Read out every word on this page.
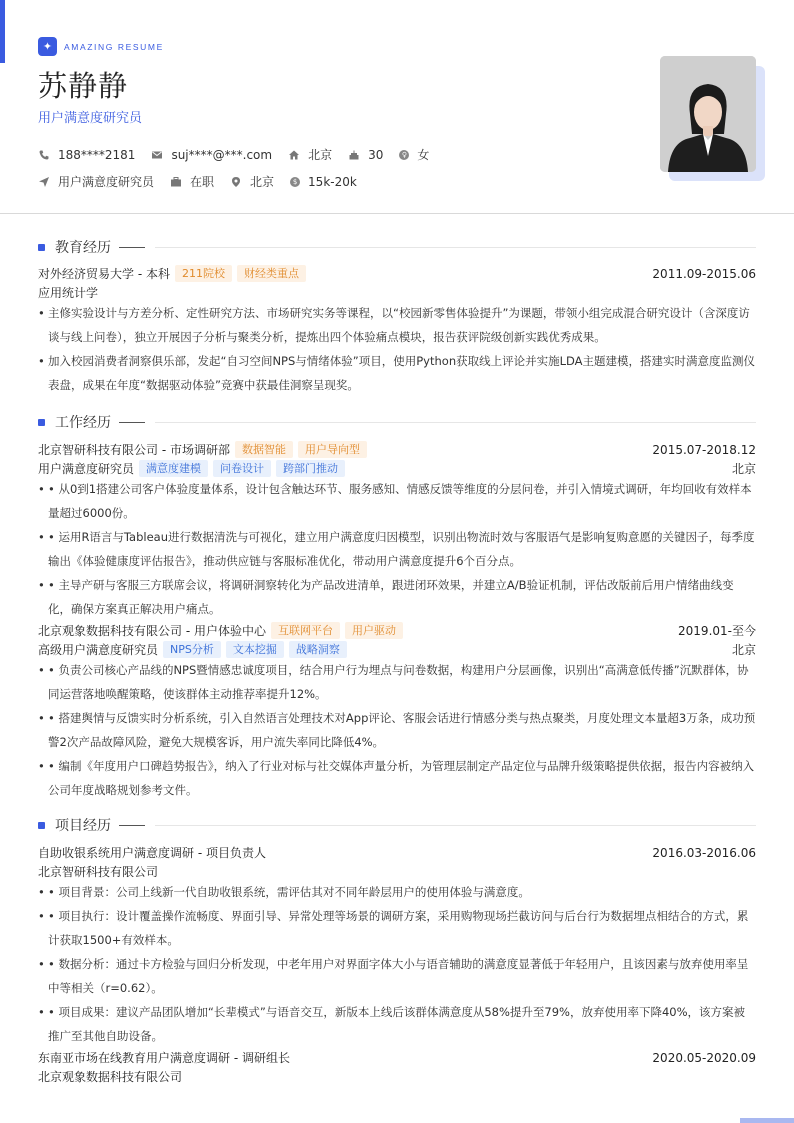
✦	AMAZING RESUME
苏静静
用户满意度研究员
188****2181	suj****@***.com	北京	30	♀ 女
用户满意度研究员	在职	北京	$ 15k-20k
教育经历
对外经济贸易大学 - 本科	211院校	财经类重点	2011.09-2015.06
应用统计学
• 主修实验设计与方差分析、定性研究方法、市场研究实务等课程，以“校园新零售体验提升”为课题，带领小组完成混合研究设计（含深度访谈与线上问卷），独立开展因子分析与聚类分析，提炼出四个体验痛点模块，报告获评院级创新实践优秀成果。
• 加入校园消费者洞察俱乐部，发起“自习空间NPS与情绪体验”项目，使用Python获取线上评论并实施LDA主题建模，搭建实时满意度监测仪表盘，成果在年度“数据驱动体验”竞赛中获最佳洞察呈现奖。
工作经历
北京智研科技有限公司 - 市场调研部	数据智能	用户导向型	2015.07-2018.12
用户满意度研究员	满意度建模	问卷设计	跨部门推动	北京
• • 从0到1搭建公司客户体验度量体系，设计包含触达环节、服务感知、情感反馈等维度的分层问卷，并引入情境式调研，年均回收有效样本量超过6000份。
• • 运用R语言与Tableau进行数据清洗与可视化，建立用户满意度归因模型，识别出物流时效与客服语气是影响复购意愿的关键因子，每季度输出《体验健康度评估报告》，推动供应链与客服标准优化，带动用户满意度提升6个百分点。
• • 主导产研与客服三方联席会议，将调研洞察转化为产品改进清单，跟进闭环效果，并建立A/B验证机制，评估改版前后用户情绪曲线变化，确保方案真正解决用户痛点。
北京观象数据科技有限公司 - 用户体验中心	互联网平台	用户驱动	2019.01-至今
高级用户满意度研究员	NPS分析	文本挖掘	战略洞察	北京
• • 负责公司核心产品线的NPS暨情感忠诚度项目，结合用户行为埋点与问卷数据，构建用户分层画像，识别出“高满意低传播”沉默群体，协同运营落地唤醒策略，使该群体主动推荐率提升12%。
• • 搭建舆情与反馈实时分析系统，引入自然语言处理技术对App评论、客服会话进行情感分类与热点聚类，月度处理文本量超3万条，成功预警2次产品故障风险，避免大规模客诉，用户流失率同比降低4%。
• • 编制《年度用户口碑趋势报告》，纳入了行业对标与社交媒体声量分析，为管理层制定产品定位与品牌升级策略提供依据，报告内容被纳入公司年度战略规划参考文件。
项目经历
自助收银系统用户满意度调研 - 项目负责人	2016.03-2016.06
北京智研科技有限公司
• • 项目背景：公司上线新一代自助收银系统，需评估其对不同年龄层用户的使用体验与满意度。
• • 项目执行：设计覆盖操作流畅度、界面引导、异常处理等场景的调研方案，采用购物现场拦截访问与后台行为数据埋点相结合的方式，累计获取1500+有效样本。
• • 数据分析：通过卡方检验与回归分析发现，中老年用户对界面字体大小与语音辅助的满意度显著低于年轻用户，且该因素与放弃使用率呈中等相关（r=0.62）。
• • 项目成果：建议产品团队增加“长辈模式”与语音交互，新版本上线后该群体满意度从58%提升至79%，放弃使用率下降40%，该方案被推广至其他自助设备。
东南亚市场在线教育用户满意度调研 - 调研组长	2020.05-2020.09
北京观象数据科技有限公司
